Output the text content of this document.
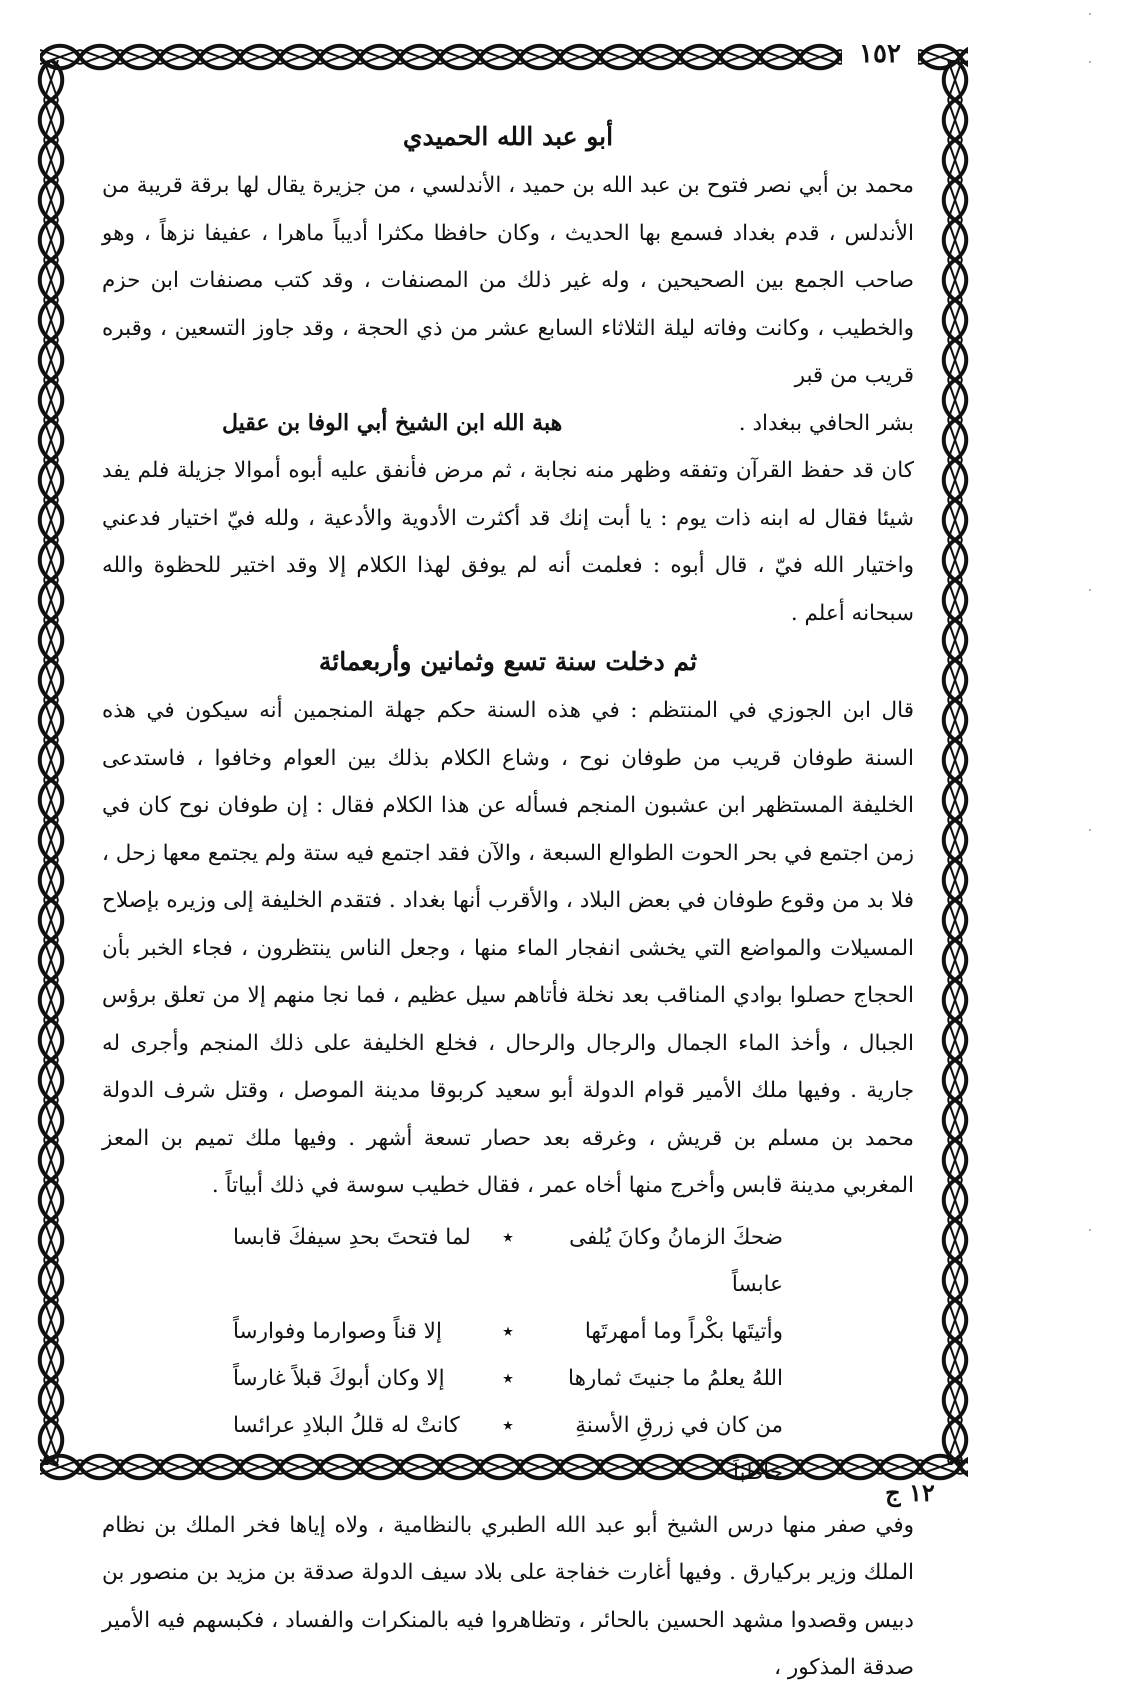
١٥٢
أبو عبد الله الحميدي

محمد بن أبي نصر فتوح بن عبد الله بن حميد ، الأندلسي ، من جزيرة يقال لها برقة قريبة من الأندلس ، قدم بغداد فسمع بها الحديث ، وكان حافظا مكثرا أديباً ماهرا ، عفيفا نزهاً ، وهو صاحب الجمع بين الصحيحين ، وله غير ذلك من المصنفات ، وقد كتب مصنفات ابن حزم والخطيب ، وكانت وفاته ليلة الثلاثاء السابع عشر من ذي الحجة ، وقد جاوز التسعين ، وقبره قريب من قبر

بشر الحافي ببغداد .
هبة الله ابن الشيخ أبي الوفا بن عقيل

كان قد حفظ القرآن وتفقه وظهر منه نجابة ، ثم مرض فأنفق عليه أبوه أموالا جزيلة فلم يفد شيئا فقال له ابنه ذات يوم : يا أبت إنك قد أكثرت الأدوية والأدعية ، ولله فيّ اختيار فدعني واختيار الله فيّ ، قال أبوه : فعلمت أنه لم يوفق لهذا الكلام إلا وقد اختير للحظوة والله سبحانه أعلم .

ثم دخلت سنة تسع وثمانين وأربعمائة

قال ابن الجوزي في المنتظم : في هذه السنة حكم جهلة المنجمين أنه سيكون في هذه السنة طوفان قريب من طوفان نوح ، وشاع الكلام بذلك بين العوام وخافوا ، فاستدعى الخليفة المستظهر ابن عشبون المنجم فسأله عن هذا الكلام فقال : إن طوفان نوح كان في زمن اجتمع في بحر الحوت الطوالع السبعة ، والآن فقد اجتمع فيه ستة ولم يجتمع معها زحل ، فلا بد من وقوع طوفان في بعض البلاد ، والأقرب أنها بغداد . فتقدم الخليفة إلى وزيره بإصلاح المسيلات والمواضع التي يخشى انفجار الماء منها ، وجعل الناس ينتظرون ، فجاء الخبر بأن الحجاج حصلوا بوادي المناقب بعد نخلة فأتاهم سيل عظيم ، فما نجا منهم إلا من تعلق برؤس الجبال ، وأخذ الماء الجمال والرجال والرحال ، فخلع الخليفة على ذلك المنجم وأجرى له جارية . وفيها ملك الأمير قوام الدولة أبو سعيد كربوقا مدينة الموصل ، وقتل شرف الدولة محمد بن مسلم بن قريش ، وغرقه بعد حصار تسعة أشهر . وفيها ملك تميم بن المعز المغربي مدينة قابس وأخرج منها أخاه عمر ، فقال خطيب سوسة في ذلك أبياتاً .

ضحكَ الزمانُ وكانَ يُلفى عابساً
٭
لما فتحتَ بحدِ سيفكَ قابسا
وأتيتَها بكْراً وما أمهرتَها
٭
إلا قناً وصوارما وفوارساً
اللهُ يعلمُ ما جنيتَ ثمارها
٭
إلا وكان أبوكَ قبلاً غارساً
من كان في زرقِ الأسنةِ خاطباً
٭
كانتْ له قللُ البلادِ عرائسا

وفي صفر منها درس الشيخ أبو عبد الله الطبري بالنظامية ، ولاه إياها فخر الملك بن نظام الملك وزير بركيارق . وفيها أغارت خفاجة على بلاد سيف الدولة صدقة بن مزيد بن منصور بن دبيس وقصدوا مشهد الحسين بالحائر ، وتظاهروا فيه بالمنكرات والفساد ، فكبسهم فيه الأمير صدقة المذكور ،

١٢ ج
